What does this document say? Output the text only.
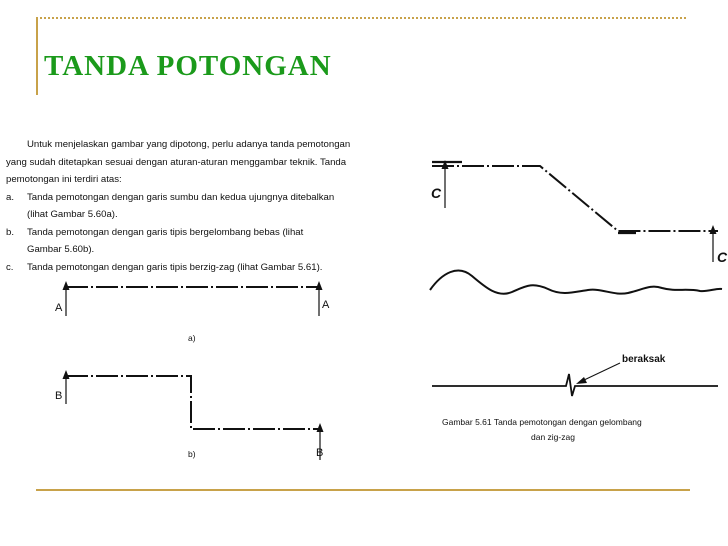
TANDA POTONGAN
Untuk menjelaskan gambar yang dipotong, perlu adanya tanda pemotongan
yang sudah ditetapkan sesuai dengan aturan-aturan menggambar teknik. Tanda
pemotongan ini terdiri atas:
a. Tanda pemotongan dengan garis sumbu dan kedua ujungnya ditebalkan
(lihat Gambar 5.60a).
b. Tanda pemotongan dengan garis tipis bergelombang bebas (lihat
Gambar 5.60b).
c. Tanda pemotongan dengan garis tipis berzig-zag (lihat Gambar 5.61).
A	A
a)
B
B
b)
C
C
beraksak
Gambar 5.61 Tanda pemotongan dengan gelombang
dan zig-zag
